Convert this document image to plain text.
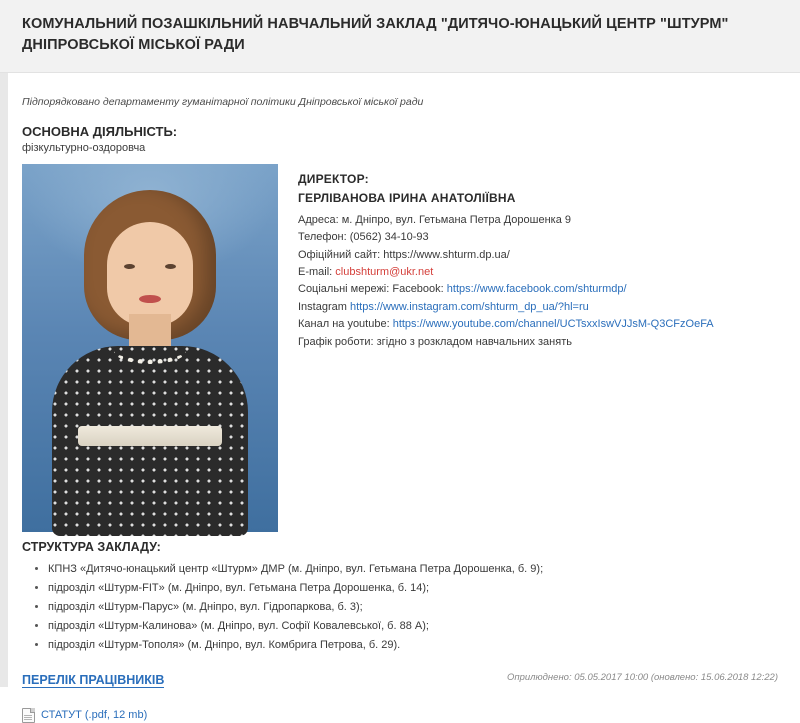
КОМУНАЛЬНИЙ ПОЗАШКІЛЬНИЙ НАВЧАЛЬНИЙ ЗАКЛАД "ДИТЯЧО-ЮНАЦЬКИЙ ЦЕНТР "ШТУРМ" ДНІПРОВСЬКОЇ МІСЬКОЇ РАДИ
Підпорядковано департаменту гуманітарної політики Дніпровської міської ради
ОСНОВНА ДІЯЛЬНІСТЬ:
фізкультурно-оздоровча
ДИРЕКТОР:
ГЕРЛІВАНОВА ІРИНА АНАТОЛІЇВНА
Адреса: м. Дніпро, вул. Гетьмана Петра Дорошенка 9
Телефон: (0562) 34-10-93
Офіційний сайт: https://www.shturm.dp.ua/
E-mail: clubshturm@ukr.net
Соціальні мережі: Facebook: https://www.facebook.com/shturmdp/
Instagram https://www.instagram.com/shturm_dp_ua/?hl=ru
Канал на youtube: https://www.youtube.com/channel/UCTsxxIswVJJsM-Q3CFzOeFA
Графік роботи: згідно з розкладом навчальних занять
СТРУКТУРА ЗАКЛАДУ:
• КПНЗ «Дитячо-юнацький центр «Штурм» ДМР (м. Дніпро, вул. Гетьмана Петра Дорошенка, б. 9);
• підрозділ «Штурм-FIT» (м. Дніпро, вул. Гетьмана Петра Дорошенка, б. 14);
• підрозділ «Штурм-Парус» (м. Дніпро, вул. Гідропаркова, б. 3);
• підрозділ «Штурм-Калинова» (м. Дніпро, вул. Софії Ковалевської, б. 88 А);
• підрозділ «Штурм-Тополя» (м. Дніпро, вул. Комбрига Петрова, б. 29).
ПЕРЕЛІК ПРАЦІВНИКІВ
СТАТУТ (.pdf, 12 mb)
Оприлюднено: 05.05.2017 10:00 (оновлено: 15.06.2018 12:22)
